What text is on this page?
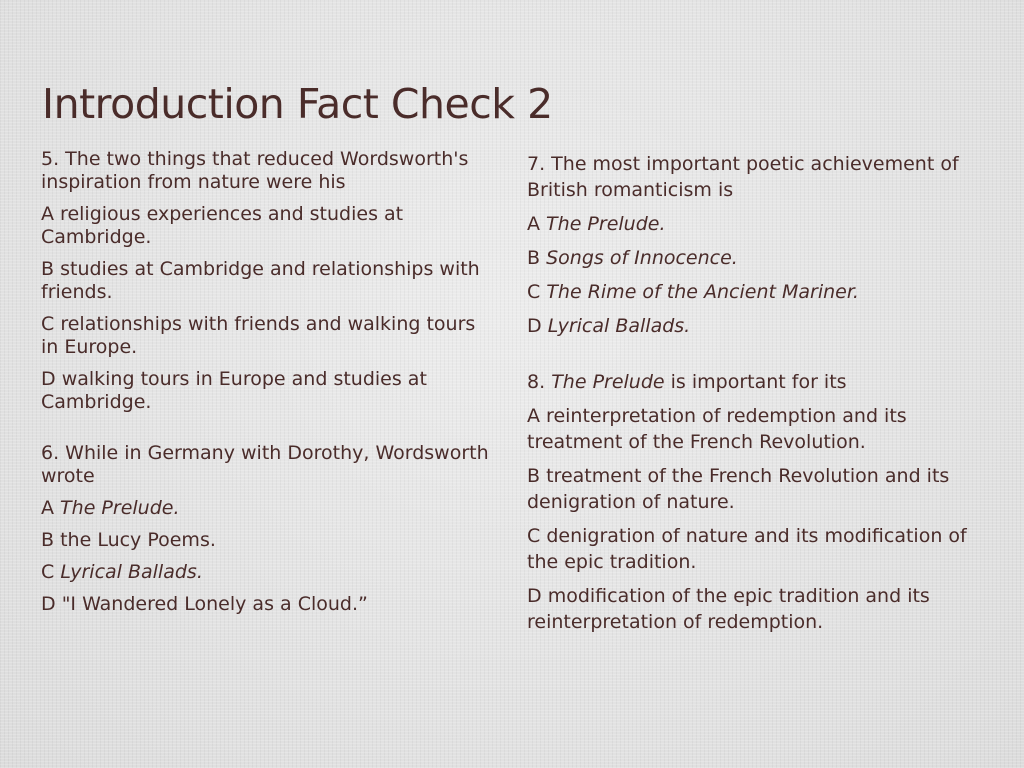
Introduction Fact Check 2

5. The two things that reduced Wordsworth's inspiration from nature were his

A religious experiences and studies at Cambridge.

B studies at Cambridge and relationships with friends.

C relationships with friends and walking tours in Europe.

D walking tours in Europe and studies at Cambridge.

6. While in Germany with Dorothy, Wordsworth wrote

A The Prelude.

B the Lucy Poems.

C Lyrical Ballads.

D "I Wandered Lonely as a Cloud.”

7. The most important poetic achievement of British romanticism is

A The Prelude.

B Songs of Innocence.

C The Rime of the Ancient Mariner.

D Lyrical Ballads.

8. The Prelude is important for its

A reinterpretation of redemption and its treatment of the French Revolution.

B treatment of the French Revolution and its denigration of nature.

C denigration of nature and its modification of the epic tradition.

D modification of the epic tradition and its reinterpretation of redemption.
